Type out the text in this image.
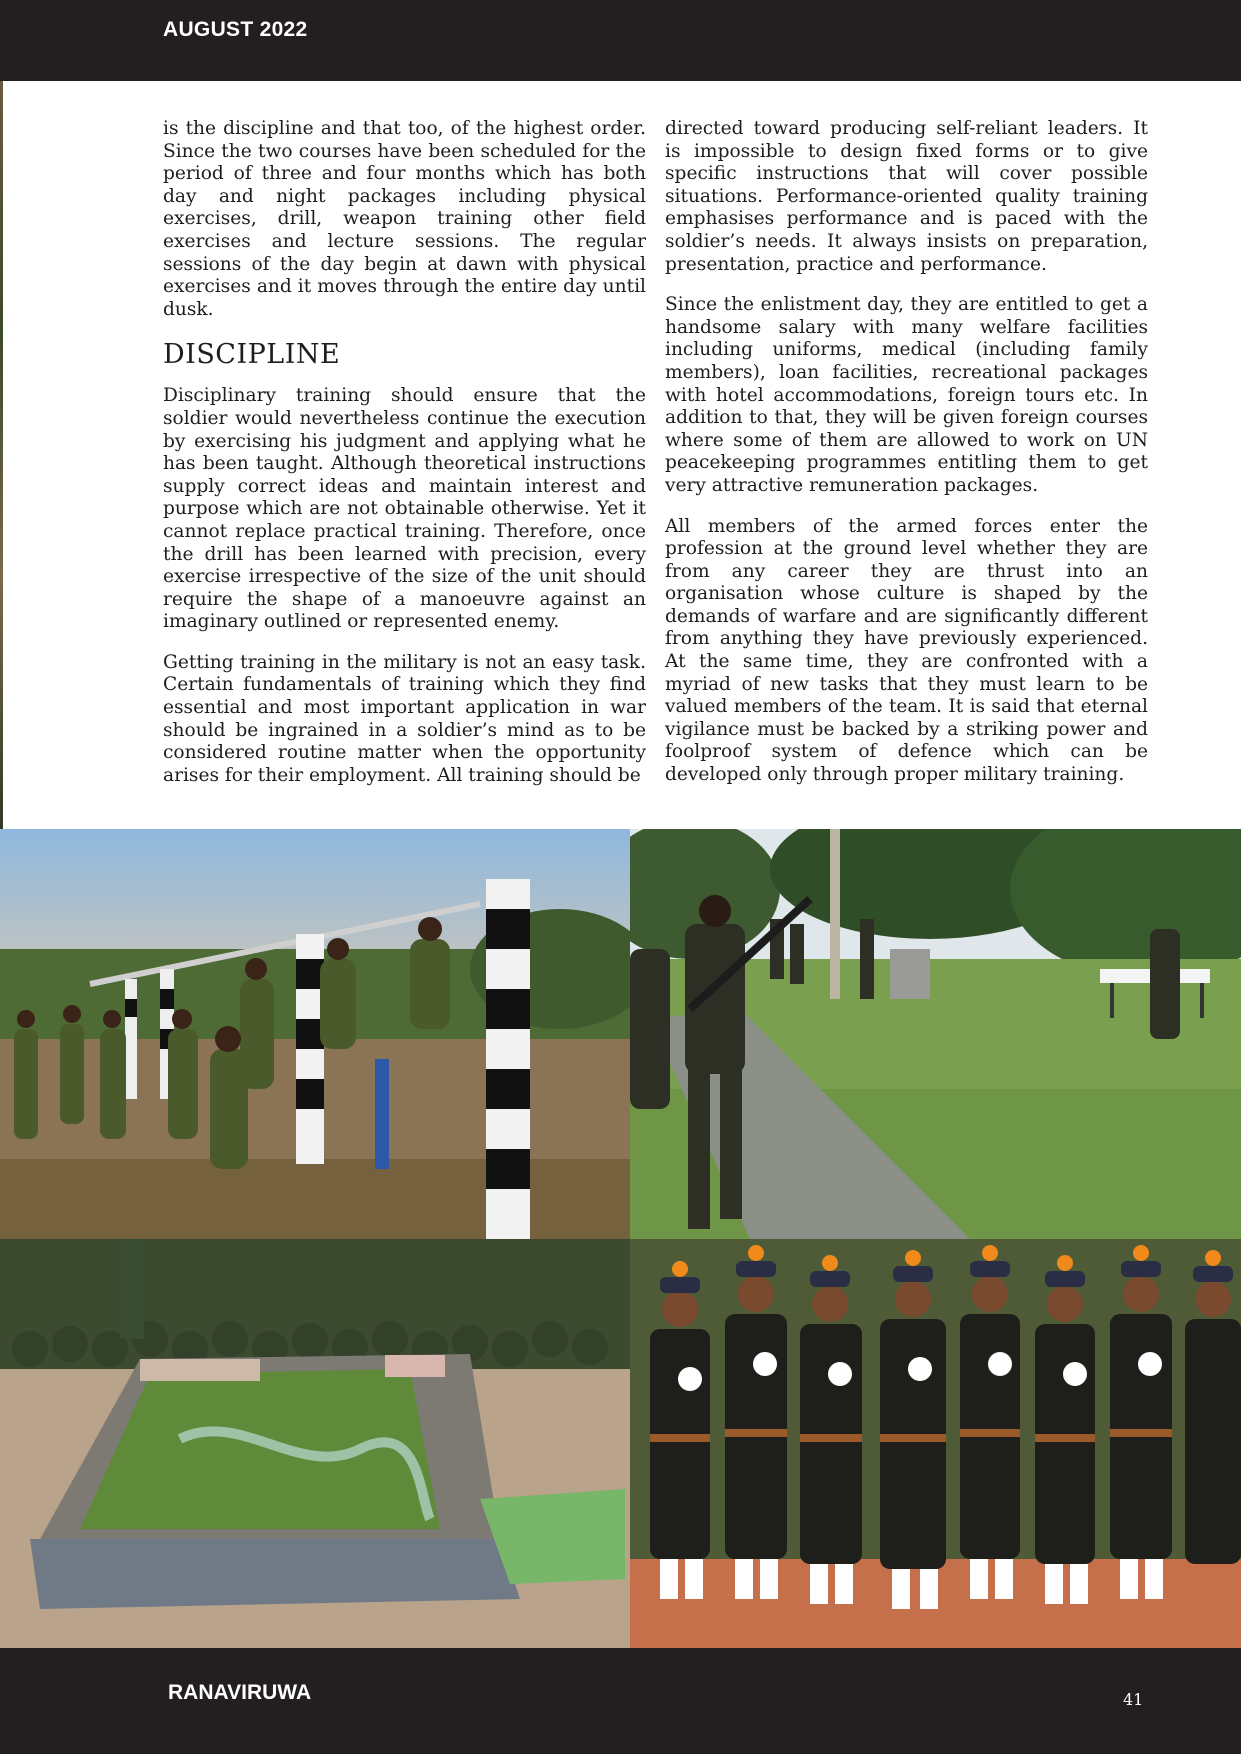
AUGUST 2022

is the discipline and that too, of the highest order. Since the two courses have been scheduled for the period of three and four months which has both day and night packages including physical exercises, drill, weapon training other field exercises and lecture sessions. The regular sessions of the day begin at dawn with physical exercises and it moves through the entire day until dusk.

DISCIPLINE

Disciplinary training should ensure that the soldier would nevertheless continue the execution by exercising his judgment and applying what he has been taught. Although theoretical instructions supply correct ideas and maintain interest and purpose which are not obtainable otherwise. Yet it cannot replace practical training. Therefore, once the drill has been learned with precision, every exercise irrespective of the size of the unit should require the shape of a manoeuvre against an imaginary outlined or represented enemy.

Getting training in the military is not an easy task. Certain fundamentals of training which they find essential and most important application in war should be ingrained in a soldier’s mind as to be considered routine matter when the opportunity arises for their employment. All training should be

directed toward producing self-reliant leaders. It is impossible to design fixed forms or to give specific instructions that will cover possible situations. Performance-oriented quality training emphasises performance and is paced with the soldier’s needs. It always insists on preparation, presentation, practice and performance.

Since the enlistment day, they are entitled to get a handsome salary with many welfare facilities including uniforms, medical (including family members), loan facilities, recreational packages with hotel accommodations, foreign tours etc. In addition to that, they will be given foreign courses where some of them are allowed to work on UN peacekeeping programmes entitling them to get very attractive remuneration packages.

All members of the armed forces enter the profession at the ground level whether they are from any career they are thrust into an organisation whose culture is shaped by the demands of warfare and are significantly different from anything they have previously experienced. At the same time, they are confronted with a myriad of new tasks that they must learn to be valued members of the team. It is said that eternal vigilance must be backed by a striking power and foolproof system of defence which can be developed only through proper military training.

RANAVIRUWA	41
